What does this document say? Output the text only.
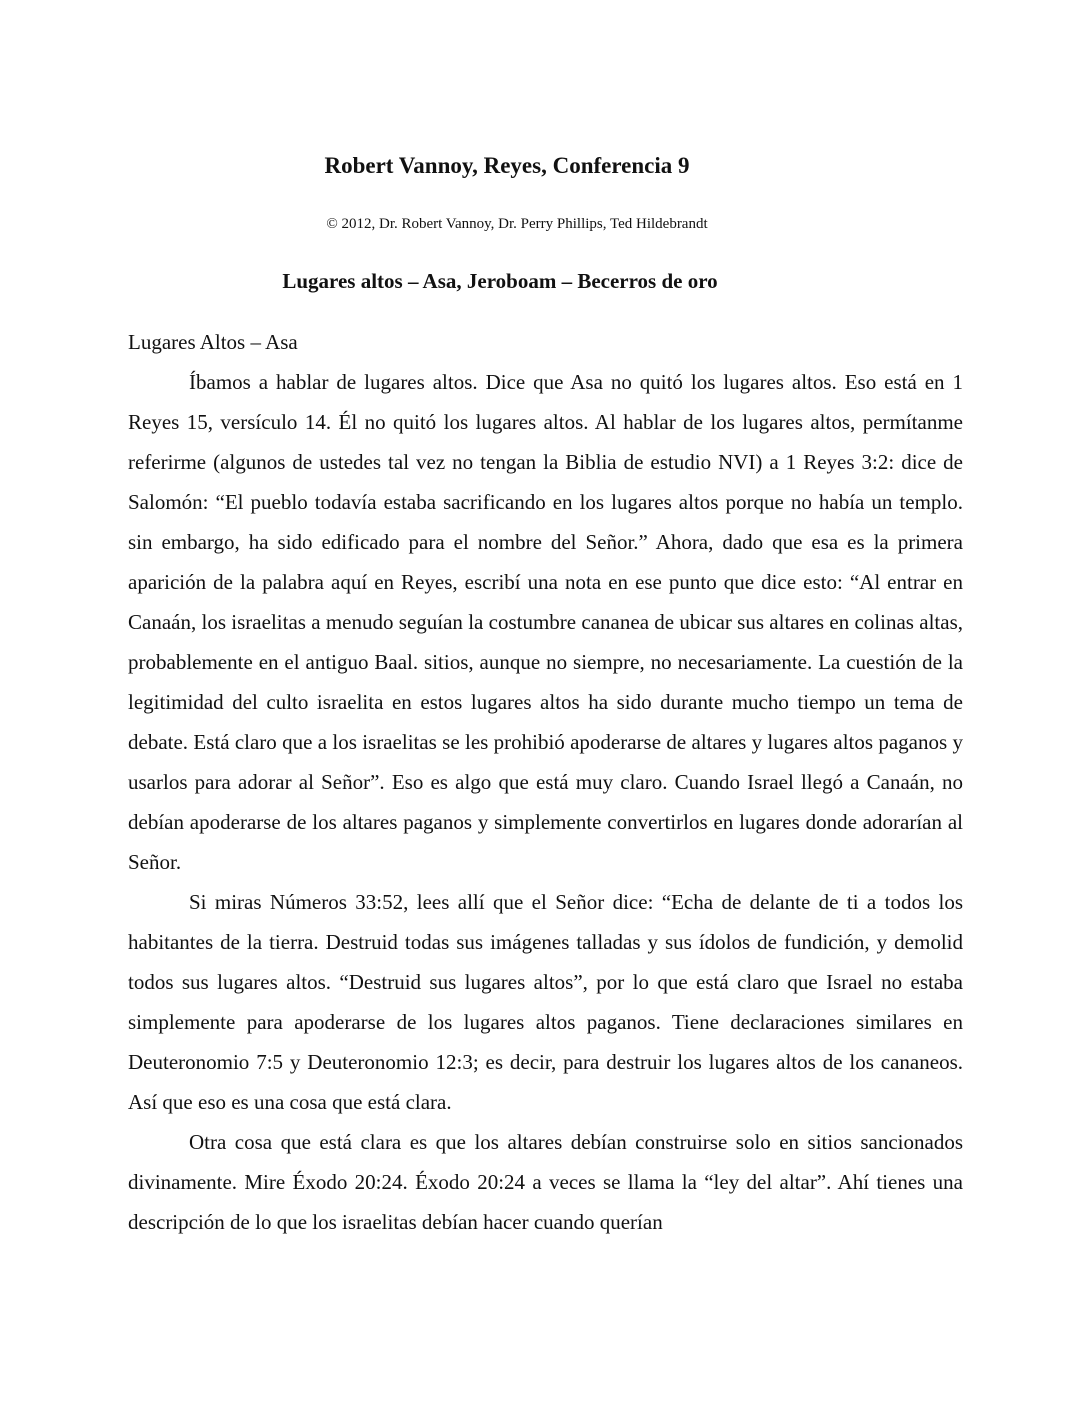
Robert Vannoy, Reyes, Conferencia 9

© 2012, Dr. Robert Vannoy, Dr. Perry Phillips, Ted Hildebrandt

Lugares altos – Asa, Jeroboam – Becerros de oro
Lugares Altos – Asa

Íbamos a hablar de lugares altos. Dice que Asa no quitó los lugares altos. Eso está en 1 Reyes 15, versículo 14. Él no quitó los lugares altos. Al hablar de los lugares altos, permítanme referirme (algunos de ustedes tal vez no tengan la Biblia de estudio NVI) a 1 Reyes 3:2: dice de Salomón: “El pueblo todavía estaba sacrificando en los lugares altos porque no había un templo. sin embargo, ha sido edificado para el nombre del Señor.” Ahora, dado que esa es la primera aparición de la palabra aquí en Reyes, escribí una nota en ese punto que dice esto: “Al entrar en Canaán, los israelitas a menudo seguían la costumbre cananea de ubicar sus altares en colinas altas, probablemente en el antiguo Baal. sitios, aunque no siempre, no necesariamente. La cuestión de la legitimidad del culto israelita en estos lugares altos ha sido durante mucho tiempo un tema de debate. Está claro que a los israelitas se les prohibió apoderarse de altares y lugares altos paganos y usarlos para adorar al Señor”. Eso es algo que está muy claro. Cuando Israel llegó a Canaán, no debían apoderarse de los altares paganos y simplemente convertirlos en lugares donde adorarían al Señor.

Si miras Números 33:52, lees allí que el Señor dice: “Echa de delante de ti a todos los habitantes de la tierra. Destruid todas sus imágenes talladas y sus ídolos de fundición, y demolid todos sus lugares altos. “Destruid sus lugares altos”, por lo que está claro que Israel no estaba simplemente para apoderarse de los lugares altos paganos. Tiene declaraciones similares en Deuteronomio 7:5 y Deuteronomio 12:3; es decir, para destruir los lugares altos de los cananeos. Así que eso es una cosa que está clara.

Otra cosa que está clara es que los altares debían construirse solo en sitios sancionados divinamente. Mire Éxodo 20:24. Éxodo 20:24 a veces se llama la “ley del altar”. Ahí tienes una descripción de lo que los israelitas debían hacer cuando querían
